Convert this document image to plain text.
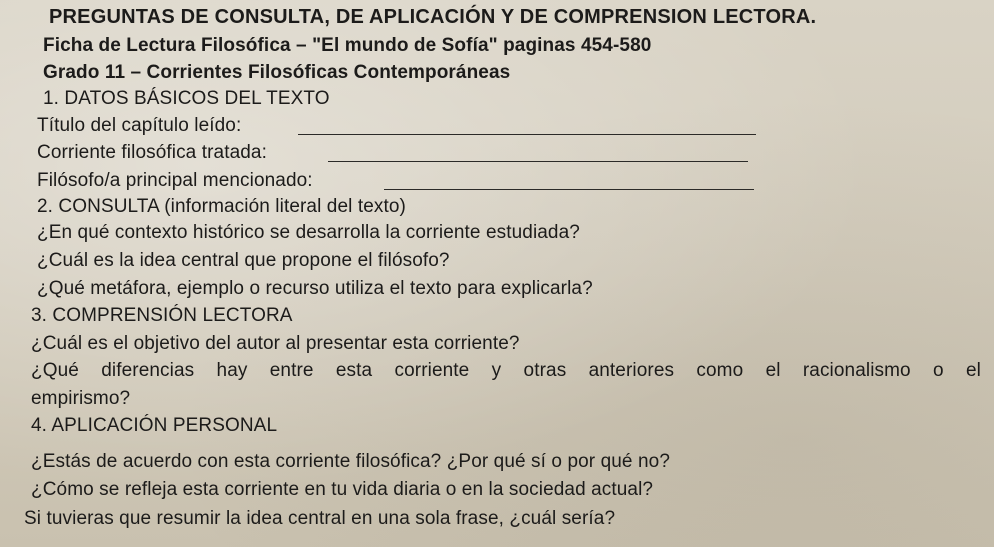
PREGUNTAS DE CONSULTA, DE APLICACIÓN Y DE COMPRENSION LECTORA.
Ficha de Lectura Filosófica – "El mundo de Sofía" paginas 454-580
Grado 11 – Corrientes Filosóficas Contemporáneas
1. DATOS BÁSICOS DEL TEXTO
Título del capítulo leído:
Corriente filosófica tratada:
Filósofo/a principal mencionado:
2. CONSULTA (información literal del texto)
¿En qué contexto histórico se desarrolla la corriente estudiada?
¿Cuál es la idea central que propone el filósofo?
¿Qué metáfora, ejemplo o recurso utiliza el texto para explicarla?
3. COMPRENSIÓN LECTORA
¿Cuál es el objetivo del autor al presentar esta corriente?
¿Qué diferencias hay entre esta corriente y otras anteriores como el racionalismo o el
empirismo?
4. APLICACIÓN PERSONAL
¿Estás de acuerdo con esta corriente filosófica? ¿Por qué sí o por qué no?
¿Cómo se refleja esta corriente en tu vida diaria o en la sociedad actual?
Si tuvieras que resumir la idea central en una sola frase, ¿cuál sería?
